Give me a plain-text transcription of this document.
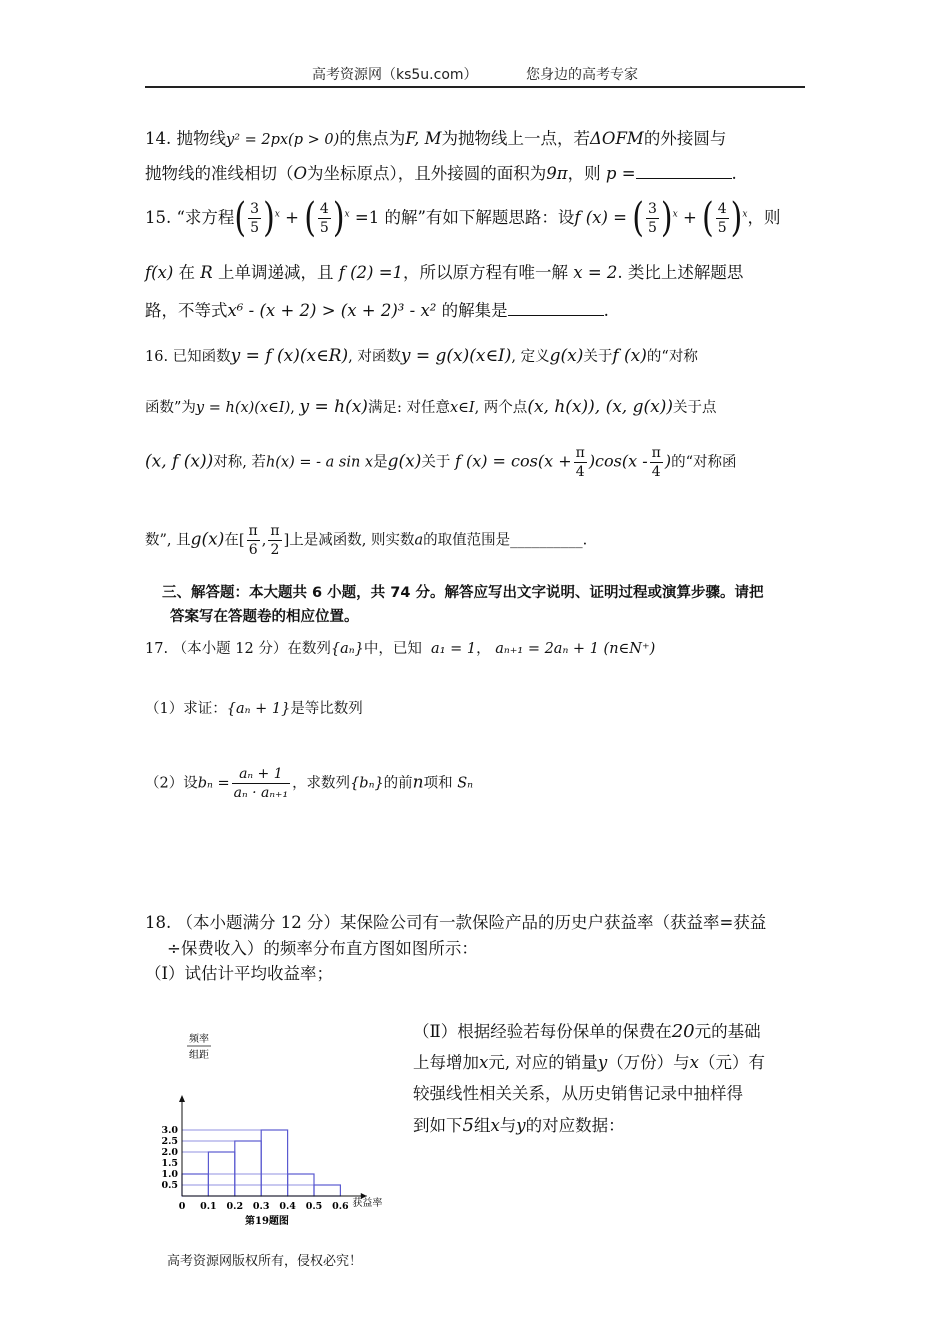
高考资源网（ks5u.com）	您身边的高考专家
14. 抛物线y² = 2px(p > 0)的焦点为F, M为抛物线上一点，若ΔOFM的外接圆与
抛物线的准线相切（O为坐标原点），且外接圆的面积为9π，则 p =	.
15. “求方程( $\frac{3}{5} )^x$ + ( $\frac{4}{5} )^x =1$ 的解”有如下解题思路：设f (x) = ( $\frac{3}{5} )^x$ + ( $\frac{4}{5} )^x$，则
f(x) 在 R 上单调递减，且 f (2) =1，所以原方程有唯一解 x = 2. 类比上述解题思
路，不等式x⁶ - (x + 2) > (x + 2)³ - x² 的解集是	.
16. 已知函数y = f (x)(x∈R), 对函数y = g(x)(x∈I), 定义g(x)关于f (x)的“对称
函数”为y = h(x)(x∈I), y = h(x)满足: 对任意x∈I, 两个点(x, h(x)), (x, g(x))关于点
(x, f (x))对称, 若h(x) = - a sin x是g(x)关于 f $(x) = \cos(x + \frac{\pi}{4} )\cos(x - \frac{\pi}{4}$ )的“对称函
数”, 且g(x)在[ $\frac{\pi}{6}$ , $\frac{\pi}{2}$ ]上是减函数, 则实数a的取值范围是__________.
三、解答题：本大题共 6 小题，共 74 分。解答应写出文字说明、证明过程或演算步骤。请把
答案写在答题卷的相应位置。
17. （本小题 12 分）在数列{aₙ}中，已知 a₁ = 1， aₙ₊₁ = 2aₙ + 1 (n∈N⁺)
（1）求证：{aₙ + 1}是等比数列
（2）设$b_n = \frac{\text{aₙ + 1}}{\text{aₙ · aₙ₊₁}}$ ，求数列{bₙ}的前n项和 Sₙ
18. （本小题满分 12 分）某保险公司有一款保险产品的历史户获益率（获益率=获益
÷保费收入）的频率分布直方图如图所示：
（Ⅰ）试估计平均收益率；
（Ⅱ）根据经验若每份保单的保费在20元的基础
上每增加x元, 对应的销量y（万份）与x（元）有
较强线性相关关系，从历史销售记录中抽样得
到如下5组x与y的对应数据：
频率
组距
第19题图
0.5
1.0
1.5
2.0
2.5
3.0
0 0.1 0.2 0.3 0.4 0.5 0.6 获益率
高考资源网版权所有，侵权必究！
